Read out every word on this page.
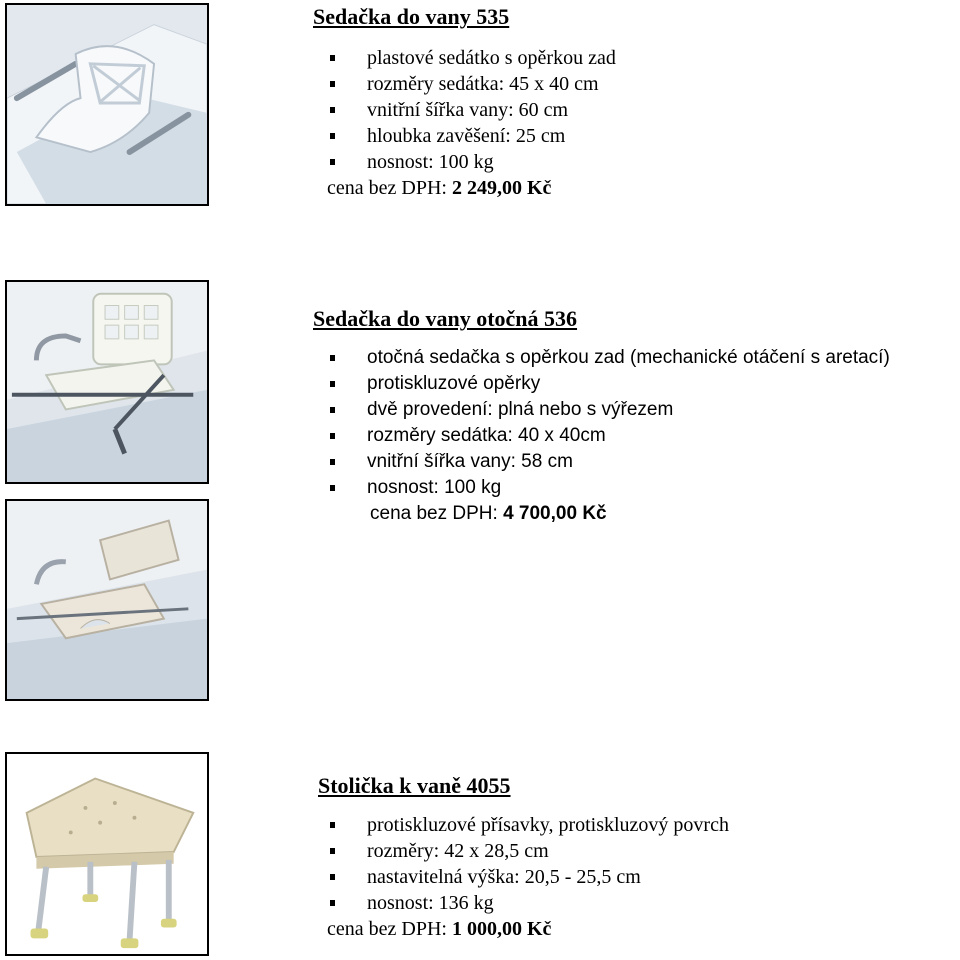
Sedačka do vany 535
plastové sedátko s opěrkou zad
rozměry sedátka: 45 x 40 cm
vnitřní šířka vany: 60 cm
hloubka zavěšení: 25 cm
nosnost: 100 kg
cena bez DPH: 2 249,00 Kč
Sedačka do vany otočná 536
otočná sedačka s opěrkou zad (mechanické otáčení s aretací)
protiskluzové opěrky
dvě provedení: plná nebo s výřezem
rozměry sedátka: 40 x 40cm
vnitřní šířka vany: 58 cm
nosnost: 100 kg
cena bez DPH: 4 700,00 Kč
Stolička k vaně 4055
protiskluzové přísavky, protiskluzový povrch
rozměry: 42 x 28,5 cm
nastavitelná výška: 20,5 - 25,5 cm
nosnost: 136 kg
cena bez DPH: 1 000,00 Kč
